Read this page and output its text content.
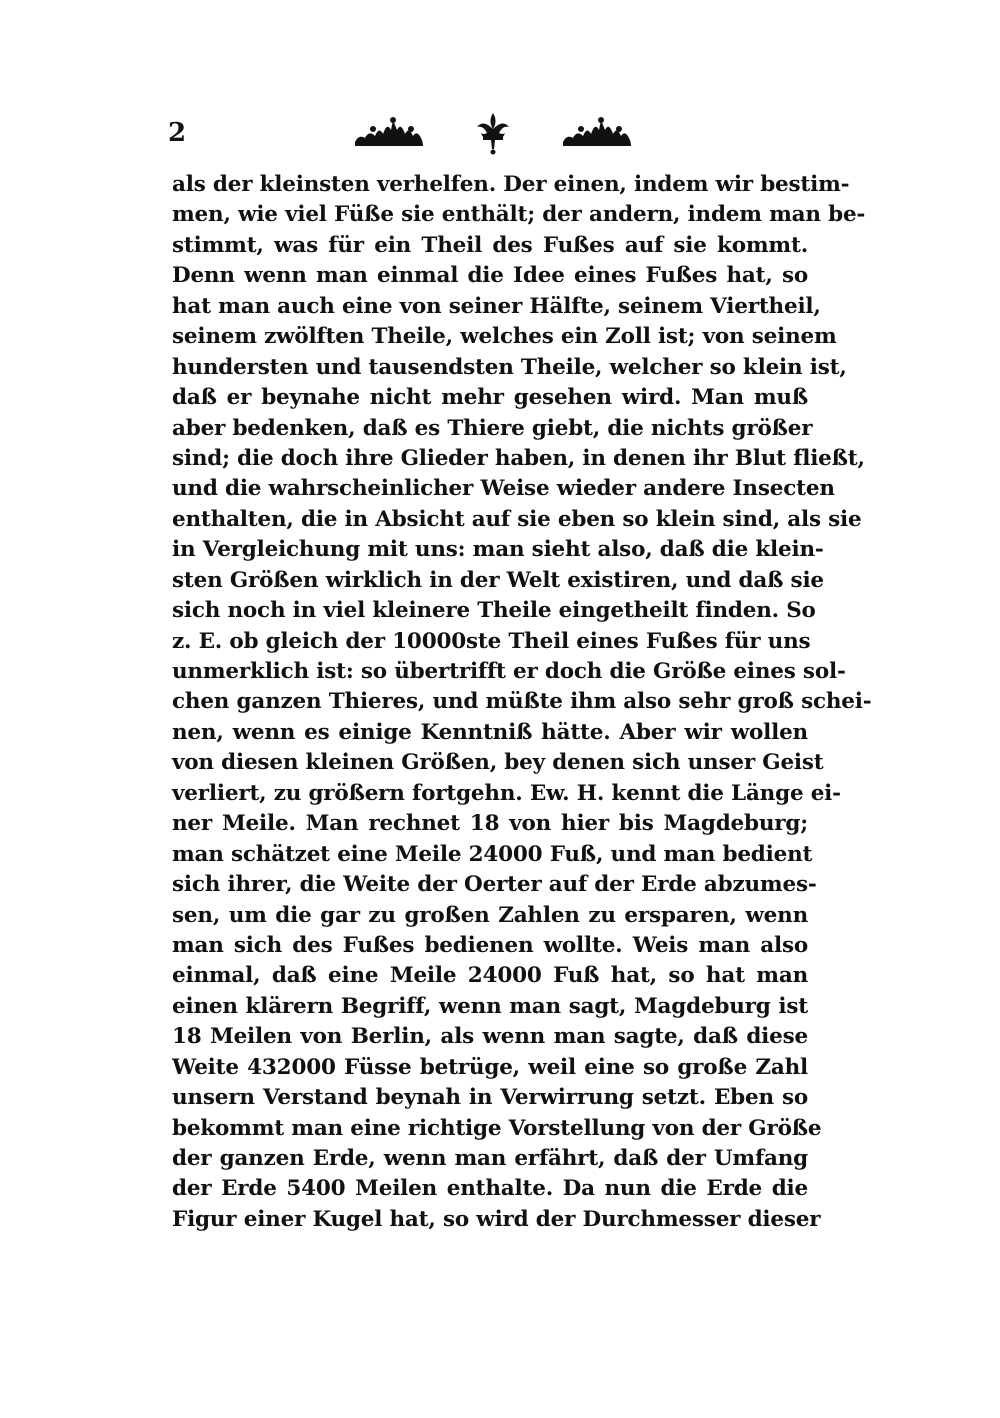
2
als der kleinsten verhelfen. Der einen, indem wir bestim-
men, wie viel Füße sie enthält; der andern, indem man be-
stimmt, was für ein Theil des Fußes auf sie kommt.
Denn wenn man einmal die Idee eines Fußes hat, so
hat man auch eine von seiner Hälfte, seinem Viertheil,
seinem zwölften Theile, welches ein Zoll ist; von seinem
hundersten und tausendsten Theile, welcher so klein ist,
daß er beynahe nicht mehr gesehen wird. Man muß
aber bedenken, daß es Thiere giebt, die nichts größer
sind; die doch ihre Glieder haben, in denen ihr Blut fließt,
und die wahrscheinlicher Weise wieder andere Insecten
enthalten, die in Absicht auf sie eben so klein sind, als sie
in Vergleichung mit uns: man sieht also, daß die klein-
sten Größen wirklich in der Welt existiren, und daß sie
sich noch in viel kleinere Theile eingetheilt finden. So
z. E. ob gleich der 10000ste Theil eines Fußes für uns
unmerklich ist: so übertrifft er doch die Größe eines sol-
chen ganzen Thieres, und müßte ihm also sehr groß schei-
nen, wenn es einige Kenntniß hätte. Aber wir wollen
von diesen kleinen Größen, bey denen sich unser Geist
verliert, zu größern fortgehn. Ew. H. kennt die Länge ei-
ner Meile. Man rechnet 18 von hier bis Magdeburg;
man schätzet eine Meile 24000 Fuß, und man bedient
sich ihrer, die Weite der Oerter auf der Erde abzumes-
sen, um die gar zu großen Zahlen zu ersparen, wenn
man sich des Fußes bedienen wollte. Weis man also
einmal, daß eine Meile 24000 Fuß hat, so hat man
einen klärern Begriff, wenn man sagt, Magdeburg ist
18 Meilen von Berlin, als wenn man sagte, daß diese
Weite 432000 Füsse betrüge, weil eine so große Zahl
unsern Verstand beynah in Verwirrung setzt. Eben so
bekommt man eine richtige Vorstellung von der Größe
der ganzen Erde, wenn man erfährt, daß der Umfang
der Erde 5400 Meilen enthalte. Da nun die Erde die
Figur einer Kugel hat, so wird der Durchmesser dieser
